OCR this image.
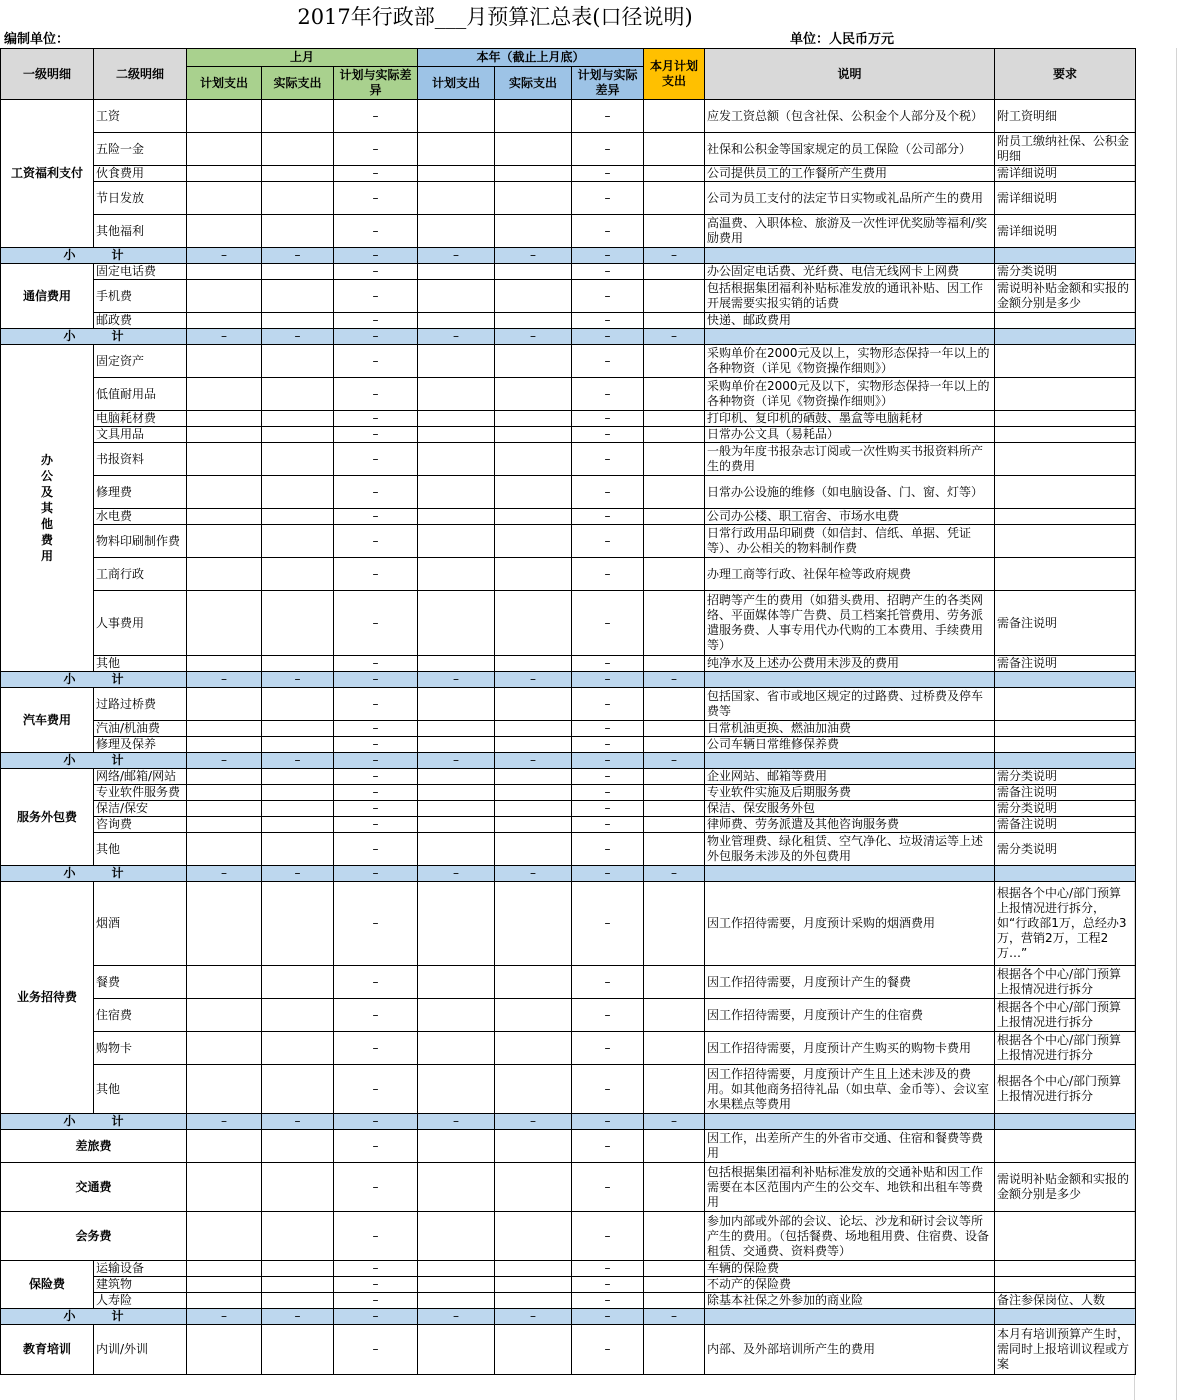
2017年行政部___月预算汇总表(口径说明)
编制单位：	单位：人民币万元
一级明细	二级明细	上月			本年（截止上月底）			本月计划支出	说明	要求
		计划支出	实际支出	计划与实际差异	计划支出	实际支出	计划与实际差异			
工资福利支付	工资			–			–		应发工资总额（包含社保、公积金个人部分及个税）	附工资明细
	五险一金			–			–		社保和公积金等国家规定的员工保险（公司部分）	附员工缴纳社保、公积金明细
	伙食费用			–			–		公司提供员工的工作餐所产生费用	需详细说明
	节日发放			–			–		公司为员工支付的法定节日实物或礼品所产生的费用	需详细说明
	其他福利			–			–		高温费、入职体检、旅游及一次性评优奖励等福利/奖励费用	需详细说明
小　　　计		–	–	–	–	–	–	–		
通信费用	固定电话费			–			–		办公固定电话费、光纤费、电信无线网卡上网费	需分类说明
	手机费			–			–		包括根据集团福利补贴标准发放的通讯补贴、因工作开展需要实报实销的话费	需说明补贴金额和实报的金额分别是多少
	邮政费			–			–		快递、邮政费用	
小　　　计		–	–	–	–	–	–	–		
办公及其他费用	固定资产			–			–		采购单价在2000元及以上，实物形态保持一年以上的各种物资（详见《物资操作细则》）	
	低值耐用品			–			–		采购单价在2000元及以下，实物形态保持一年以上的各种物资（详见《物资操作细则》）	
	电脑耗材费			–			–		打印机、复印机的硒鼓、墨盒等电脑耗材	
	文具用品			–			–		日常办公文具（易耗品）	
	书报资料			–			–		一般为年度书报杂志订阅或一次性购买书报资料所产生的费用	
	修理费			–			–		日常办公设施的维修（如电脑设备、门、窗、灯等）	
	水电费			–			–		公司办公楼、职工宿舍、市场水电费	
	物料印刷制作费			–			–		日常行政用品印刷费（如信封、信纸、单据、凭证等）、办公相关的物料制作费	
	工商行政			–			–		办理工商等行政、社保年检等政府规费	
	人事费用			–			–		招聘等产生的费用（如猎头费用、招聘产生的各类网络、平面媒体等广告费、员工档案托管费用、劳务派遣服务费、人事专用代办代购的工本费用、手续费用等）	需备注说明
	其他			–			–		纯净水及上述办公费用未涉及的费用	需备注说明
小　　　计		–	–	–	–	–	–	–		
汽车费用	过路过桥费			–			–		包括国家、省市或地区规定的过路费、过桥费及停车费等	
	汽油/机油费			–			–		日常机油更换、燃油加油费	
	修理及保养			–			–		公司车辆日常维修保养费	
小　　　计		–	–	–	–	–	–	–		
服务外包费	网络/邮箱/网站			–			–		企业网站、邮箱等费用	需分类说明
	专业软件服务费			–			–		专业软件实施及后期服务费	需备注说明
	保洁/保安			–			–		保洁、保安服务外包	需分类说明
	咨询费			–			–		律师费、劳务派遣及其他咨询服务费	需备注说明
	其他			–			–		物业管理费、绿化租赁、空气净化、垃圾清运等上述外包服务未涉及的外包费用	需分类说明
小　　　计		–	–	–	–	–	–	–		
业务招待费	烟酒			–			–		因工作招待需要，月度预计采购的烟酒费用	根据各个中心/部门预算上报情况进行拆分，如“行政部1万，总经办3万，营销2万，工程2万…”
	餐费			–			–		因工作招待需要，月度预计产生的餐费	根据各个中心/部门预算上报情况进行拆分
	住宿费			–			–		因工作招待需要，月度预计产生的住宿费	根据各个中心/部门预算上报情况进行拆分
	购物卡			–			–		因工作招待需要，月度预计产生购买的购物卡费用	根据各个中心/部门预算上报情况进行拆分
	其他			–			–		因工作招待需要，月度预计产生且上述未涉及的费用。如其他商务招待礼品（如虫草、金币等）、会议室水果糕点等费用	根据各个中心/部门预算上报情况进行拆分
小　　　计		–	–	–	–	–	–	–		
差旅费				–			–		因工作，出差所产生的外省市交通、住宿和餐费等费用	
交通费				–			–		包括根据集团福利补贴标准发放的交通补贴和因工作需要在本区范围内产生的公交车、地铁和出租车等费用	需说明补贴金额和实报的金额分别是多少
会务费				–			–		参加内部或外部的会议、论坛、沙龙和研讨会议等所产生的费用。（包括餐费、场地租用费、住宿费、设备租赁、交通费、资料费等）	
保险费	运输设备			–			–		车辆的保险费	
	建筑物			–			–		不动产的保险费	
	人寿险			–			–		除基本社保之外参加的商业险	备注参保岗位、人数
小　　　计		–	–	–	–	–	–	–		
教育培训	内训/外训			–			–		内部、及外部培训所产生的费用	本月有培训预算产生时，需同时上报培训议程或方案
